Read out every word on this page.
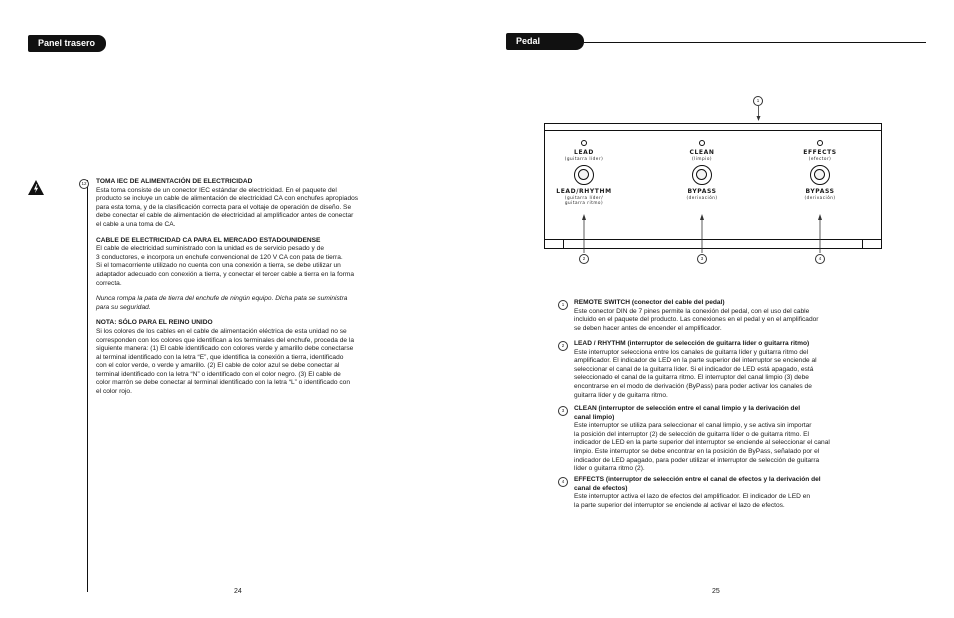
Panel trasero
12	TOMA IEC DE ALIMENTACIÓN DE ELECTRICIDAD

Esta toma consiste de un conector IEC estándar de electricidad. En el paquete del

producto se incluye un cable de alimentación de electricidad CA con enchufes apropiados

para esta toma, y de la clasificación correcta para el voltaje de operación de diseño. Se

debe conectar el cable de alimentación de electricidad al amplificador antes de conectar

el cable a una toma de CA.

CABLE DE ELECTRICIDAD CA PARA EL MERCADO ESTADOUNIDENSE

El cable de electricidad suministrado con la unidad es de servicio pesado y de

3 conductores, e incorpora un enchufe convencional de 120 V CA con pata de tierra.

Si el tomacorriente utilizado no cuenta con una conexión a tierra, se debe utilizar un

adaptador adecuado con conexión a tierra, y conectar el tercer cable a tierra en la forma

correcta.

Nunca rompa la pata de tierra del enchufe de ningún equipo. Dicha pata se suministra

para su seguridad.

NOTA: SÓLO PARA EL REINO UNIDO

Si los colores de los cables en el cable de alimentación eléctrica de esta unidad no se

corresponden con los colores que identifican a los terminales del enchufe, proceda de la

siguiente manera: (1) El cable identificado con colores verde y amarillo debe conectarse

al terminal identificado con la letra “E”, que identifica la conexión a tierra, identificado

con el color verde, o verde y amarillo. (2) El cable de color azul se debe conectar al

terminal identificado con la letra “N” o identificado con el color negro. (3) El cable de

color marrón se debe conectar al terminal identificado con la letra “L” o identificado con

el color rojo.

24
Pedal
1
LEAD
(guitarra líder)
LEAD/RHYTHM
(guitarra líder/
guitarra ritmo)
2
CLEAN
(limpio)
BYPASS
(derivación)
3
EFFECTS
(efector)
BYPASS
(derivación)
4
1	REMOTE SWITCH (conector del cable del pedal)

Este conector DIN de 7 pines permite la conexión del pedal, con el uso del cable

incluido en el paquete del producto. Las conexiones en el pedal y en el amplificador

se deben hacer antes de encender el amplificador.

2	LEAD / RHYTHM (interruptor de selección de guitarra líder o guitarra ritmo)

Este interruptor selecciona entre los canales de guitarra líder y guitarra ritmo del

amplificador. El indicador de LED en la parte superior del interruptor se enciende al

seleccionar el canal de la guitarra líder. Si el indicador de LED está apagado, está

seleccionado el canal de la guitarra ritmo. El interruptor del canal limpio (3) debe

encontrarse en el modo de derivación (ByPass) para poder activar los canales de

guitarra líder y de guitarra ritmo.

3	CLEAN (interruptor de selección entre el canal limpio y la derivación del

canal limpio)

Este interruptor se utiliza para seleccionar el canal limpio, y se activa sin importar

la posición del interruptor (2) de selección de guitarra líder o de guitarra ritmo. El

indicador de LED en la parte superior del interruptor se enciende al seleccionar el canal

limpio. Este interruptor se debe encontrar en la posición de ByPass, señalado por el

indicador de LED apagado, para poder utilizar el interruptor de selección de guitarra

líder o guitarra ritmo (2).

4	EFFECTS (interruptor de selección entre el canal de efectos y la derivación del

canal de efectos)

Este interruptor activa el lazo de efectos del amplificador. El indicador de LED en

la parte superior del interruptor se enciende al activar el lazo de efectos.

25
